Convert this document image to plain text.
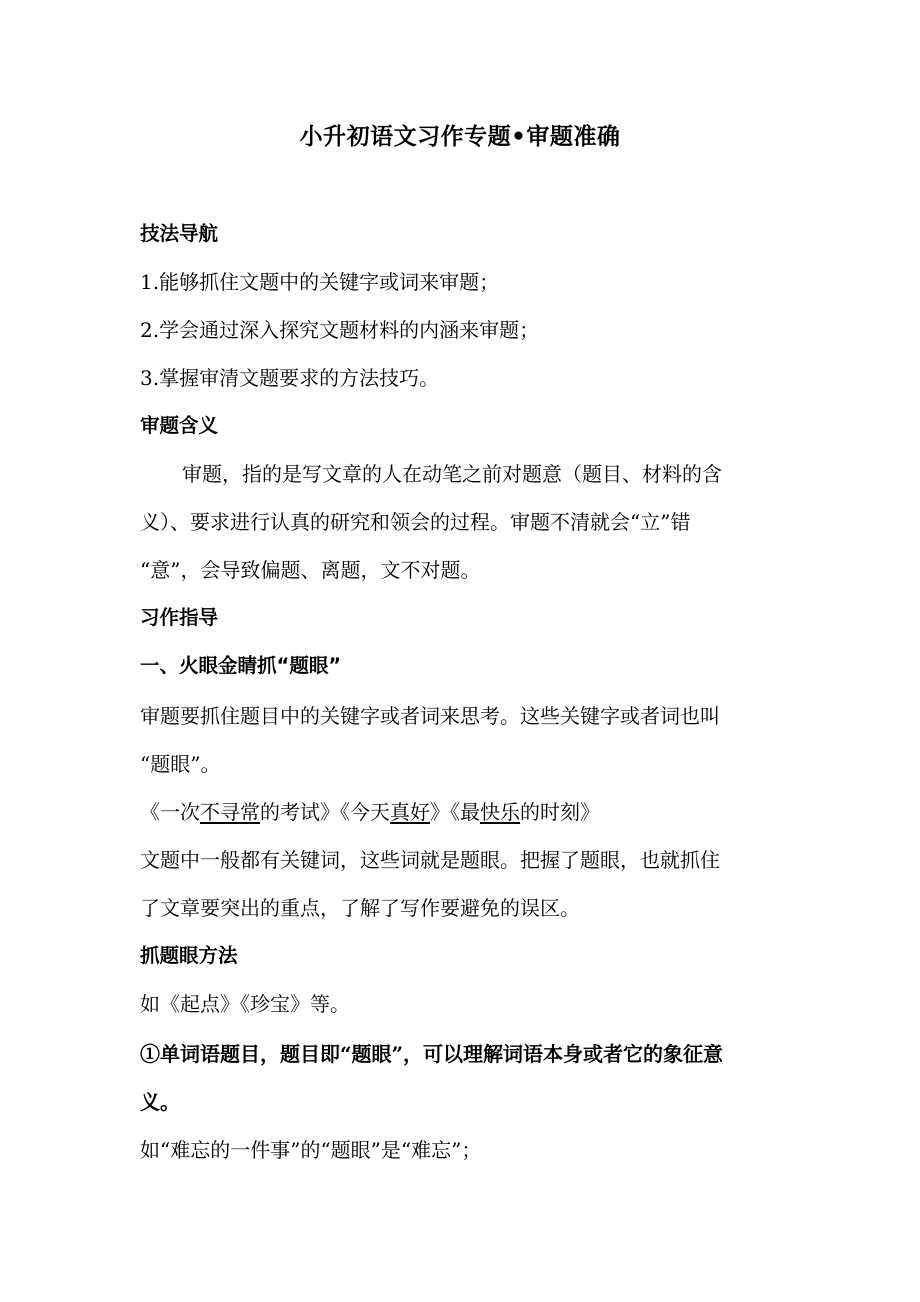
小升初语文习作专题•审题准确
技法导航
1.能够抓住文题中的关键字或词来审题；
2.学会通过深入探究文题材料的内涵来审题；
3.掌握审清文题要求的方法技巧。
审题含义
审题，指的是写文章的人在动笔之前对题意（题目、材料的含
义）、要求进行认真的研究和领会的过程。审题不清就会“立”错
“意”，会导致偏题、离题，文不对题。
习作指导
一、火眼金睛抓“题眼”
审题要抓住题目中的关键字或者词来思考。这些关键字或者词也叫
“题眼”。
《一次不寻常的考试》《今天真好》《最快乐的时刻》
文题中一般都有关键词，这些词就是题眼。把握了题眼，也就抓住
了文章要突出的重点，了解了写作要避免的误区。
抓题眼方法
如《起点》《珍宝》等。
①单词语题目，题目即“题眼”，可以理解词语本身或者它的象征意
义。
如“难忘的一件事”的“题眼”是“难忘”；
